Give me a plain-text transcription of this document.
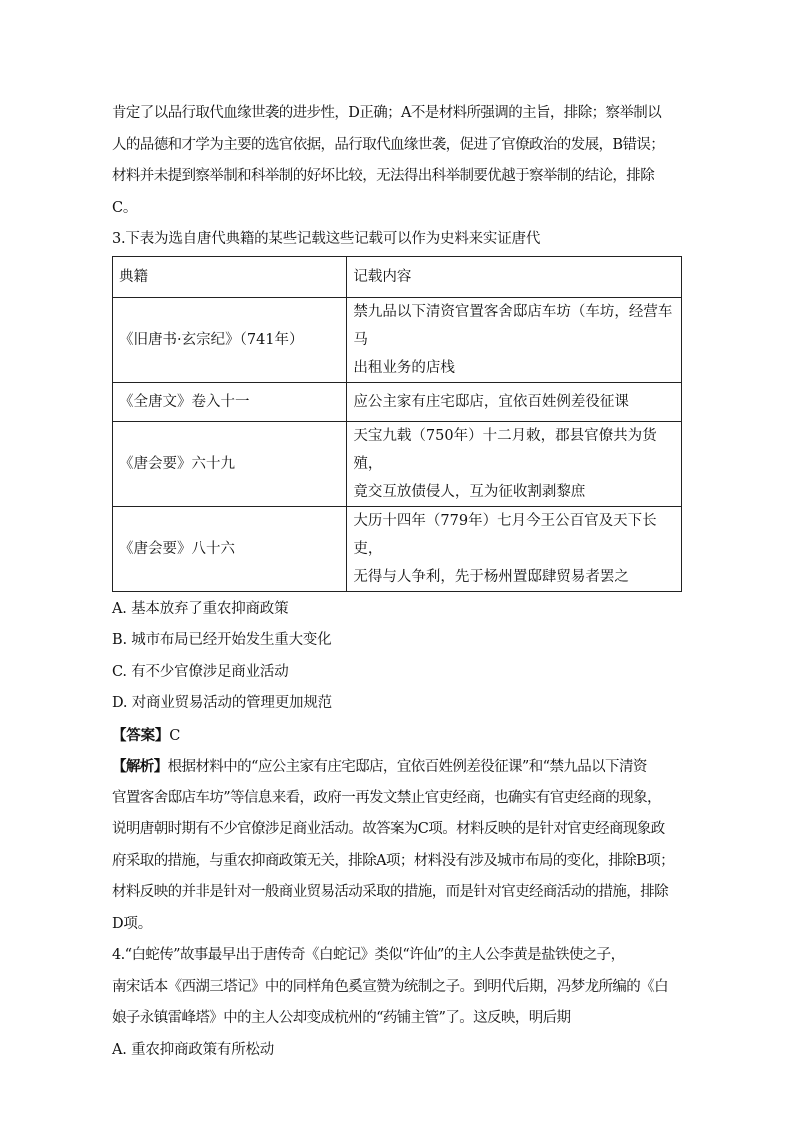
肯定了以品行取代血缘世袭的进步性，D正确；A不是材料所强调的主旨，排除；察举制以
人的品德和才学为主要的选官依据，品行取代血缘世袭，促进了官僚政治的发展，B错误；
材料并未提到察举制和科举制的好坏比较，无法得出科举制要优越于察举制的结论，排除
C。
3.下表为选自唐代典籍的某些记载这些记载可以作为史料来实证唐代
典籍	记载内容
《旧唐书·玄宗纪》（741年）	禁九品以下清资官置客舍邸店车坊（车坊，经营车马
出租业务的店栈

《全唐文》卷入十一	应公主家有庄宅邸店，宜依百姓例差役征课

《唐会要》六十九	天宝九载（750年）十二月敕，郡县官僚共为货殖，
竟交互放债侵人，互为征收割剥黎庶

《唐会要》八十六	大历十四年（779年）七月今王公百官及天下长吏，
无得与人争利，先于杨州置邸肆贸易者罢之
A. 基本放弃了重农抑商政策
B. 城市布局已经开始发生重大变化
C. 有不少官僚涉足商业活动
D. 对商业贸易活动的管理更加规范
【答案】C
【解析】根据材料中的“应公主家有庄宅邸店，宜依百姓例差役征课”和“禁九品以下清资
官置客舍邸店车坊”等信息来看，政府一再发文禁止官吏经商，也确实有官吏经商的现象，
说明唐朝时期有不少官僚涉足商业活动。故答案为C项。材料反映的是针对官吏经商现象政
府采取的措施，与重农抑商政策无关，排除A项；材料没有涉及城市布局的变化，排除B项；
材料反映的并非是针对一般商业贸易活动采取的措施，而是针对官吏经商活动的措施，排除
D项。
4.“白蛇传”故事最早出于唐传奇《白蛇记》类似“许仙”的主人公李黄是盐铁使之子，
南宋话本《西湖三塔记》中的同样角色奚宣赞为统制之子。到明代后期，冯梦龙所编的《白
娘子永镇雷峰塔》中的主人公却变成杭州的“药铺主管”了。这反映，明后期
A. 重农抑商政策有所松动
